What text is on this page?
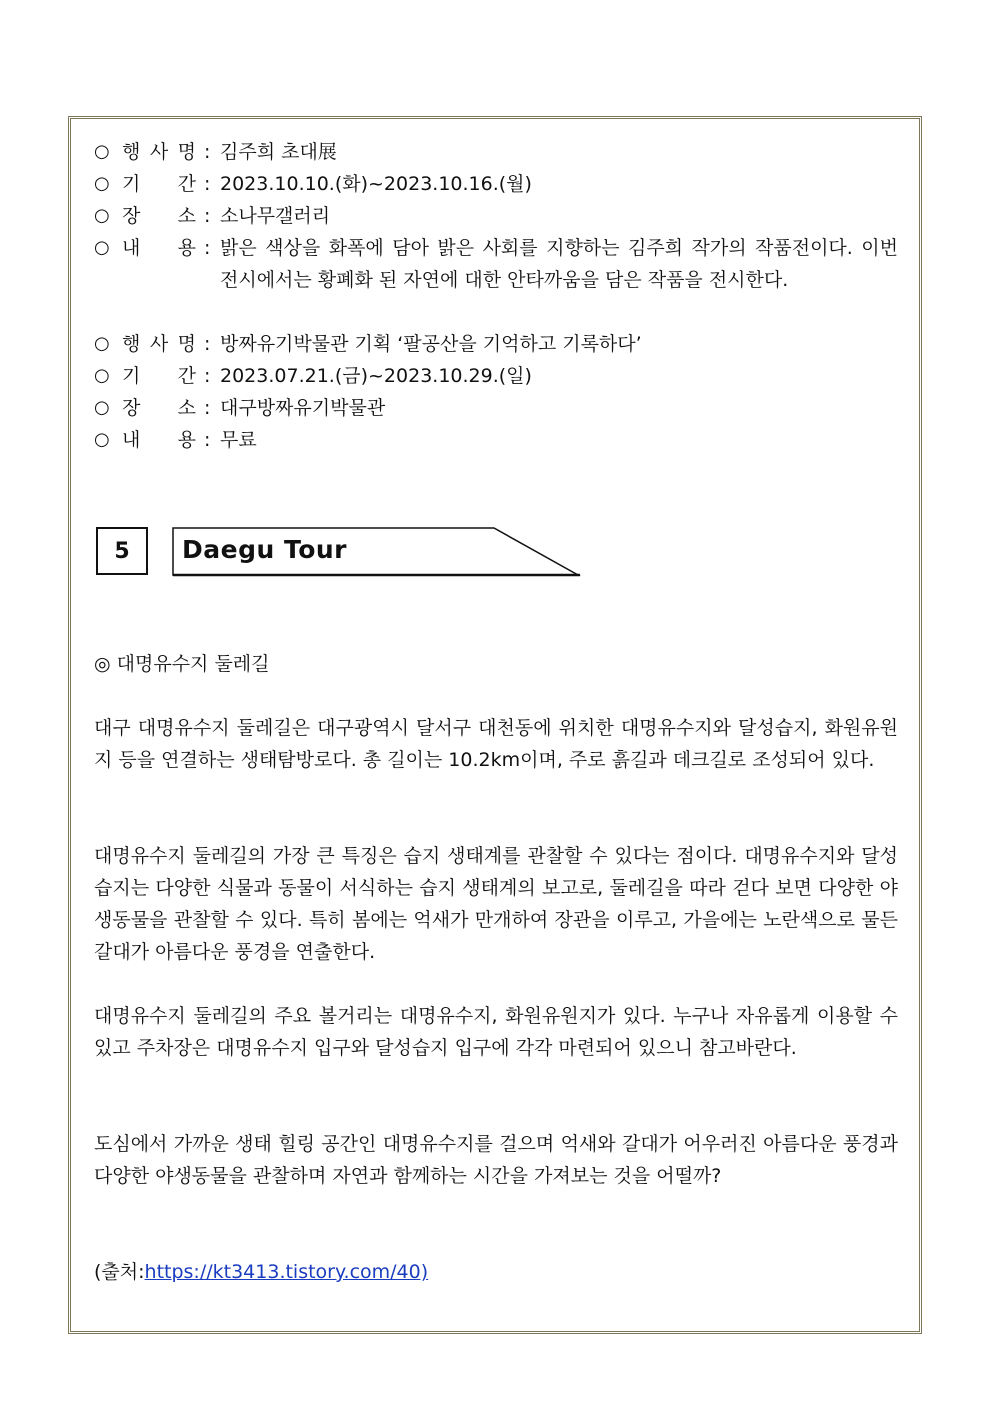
○ 행 사 명 : 김주희 초대展
○ 기 간 : 2023.10.10.(화)~2023.10.16.(월)
○ 장 소 : 소나무갤러리
○ 내 용 : 밝은 색상을 화폭에 담아 밝은 사회를 지향하는 김주희 작가의 작품전이다. 이번 전시에서는 황폐화 된 자연에 대한 안타까움을 담은 작품을 전시한다.
○ 행 사 명 : 방짜유기박물관 기획 ‘팔공산을 기억하고 기록하다’
○ 기 간 : 2023.07.21.(금)~2023.10.29.(일)
○ 장 소 : 대구방짜유기박물관
○ 내 용 : 무료
5	Daegu Tour
◎ 대명유수지 둘레길
대구 대명유수지 둘레길은 대구광역시 달서구 대천동에 위치한 대명유수지와 달성습지, 화원유원지 등을 연결하는 생태탐방로다. 총 길이는 10.2km이며, 주로 흙길과 데크길로 조성되어 있다.
대명유수지 둘레길의 가장 큰 특징은 습지 생태계를 관찰할 수 있다는 점이다. 대명유수지와 달성습지는 다양한 식물과 동물이 서식하는 습지 생태계의 보고로, 둘레길을 따라 걷다 보면 다양한 야생동물을 관찰할 수 있다. 특히 봄에는 억새가 만개하여 장관을 이루고, 가을에는 노란색으로 물든 갈대가 아름다운 풍경을 연출한다.
대명유수지 둘레길의 주요 볼거리는 대명유수지, 화원유원지가 있다. 누구나 자유롭게 이용할 수 있고 주차장은 대명유수지 입구와 달성습지 입구에 각각 마련되어 있으니 참고바란다.
도심에서 가까운 생태 힐링 공간인 대명유수지를 걸으며 억새와 갈대가 어우러진 아름다운 풍경과 다양한 야생동물을 관찰하며 자연과 함께하는 시간을 가져보는 것을 어떨까?
(출처:https://kt3413.tistory.com/40)
